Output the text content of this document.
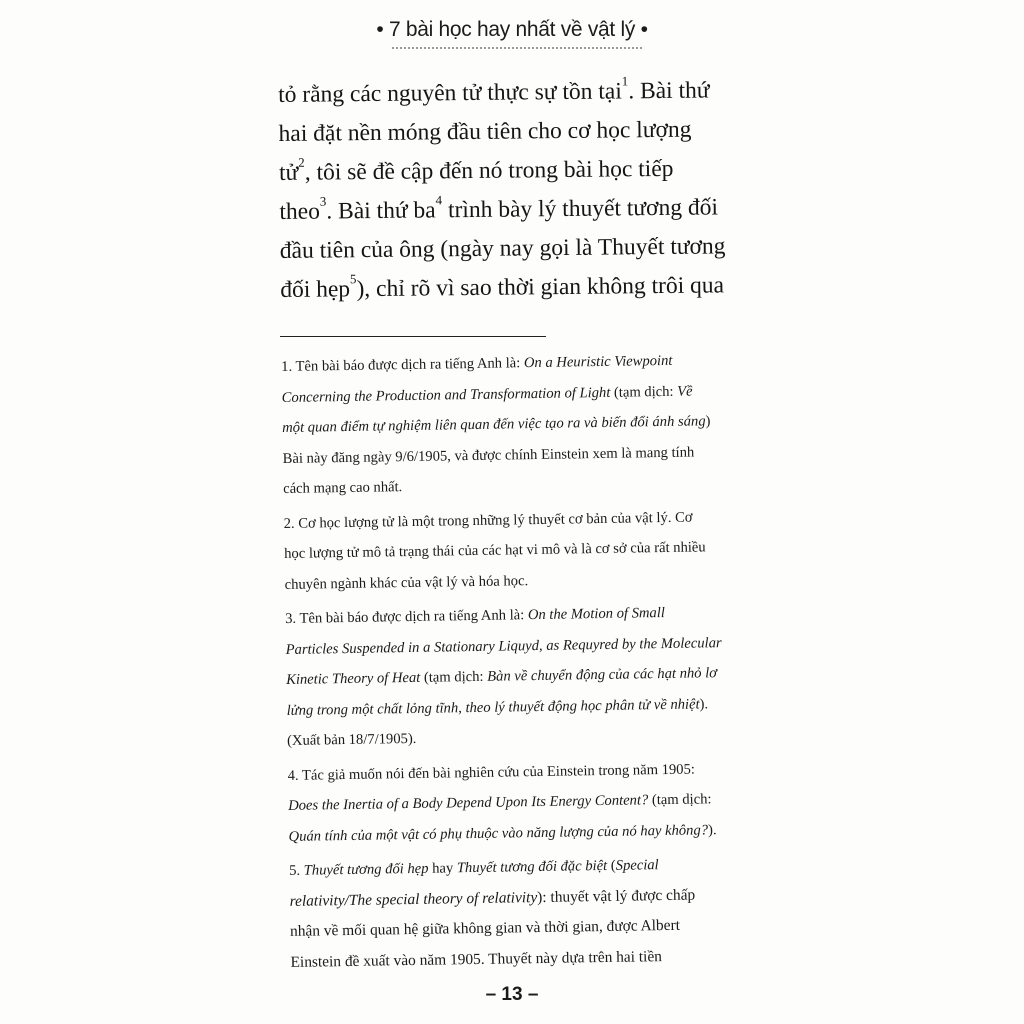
• 7 bài học hay nhất về vật lý •
tỏ rằng các nguyên tử thực sự tồn tại$^1$. Bài thứ
hai đặt nền móng đầu tiên cho cơ học lượng
tử$^2$, tôi sẽ đề cập đến nó trong bài học tiếp
theo$^3$. Bài thứ $ba^4$ trình bày lý thuyết tương đối
đầu tiên của ông (ngày nay gọi là Thuyết tương
đối hẹp$^5$), chỉ rõ vì sao thời gian không trôi qua
1. Tên bài báo được dịch ra tiếng Anh là: On a Heuristic Viewpoint
Concerning the Production and Transformation of Light (tạm dịch: Về
một quan điểm tự nghiệm liên quan đến việc tạo ra và biến đổi ánh sáng)
Bài này đăng ngày 9/6/1905, và được chính Einstein xem là mang tính
cách mạng cao nhất.
2. Cơ học lượng tử là một trong những lý thuyết cơ bản của vật lý. Cơ
học lượng tử mô tả trạng thái của các hạt vi mô và là cơ sở của rất nhiều
chuyên ngành khác của vật lý và hóa học.
3. Tên bài báo được dịch ra tiếng Anh là: On the Motion of Small
Particles Suspended in a Stationary Liquyd, as Requyred by the Molecular
Kinetic Theory of Heat (tạm dịch: Bàn về chuyển động của các hạt nhỏ lơ
lửng trong một chất lỏng tĩnh, theo lý thuyết động học phân tử về nhiệt).
(Xuất bản 18/7/1905).
4. Tác giả muốn nói đến bài nghiên cứu của Einstein trong năm 1905:
Does the Inertia of a Body Depend Upon Its Energy Content? (tạm dịch:
Quán tính của một vật có phụ thuộc vào năng lượng của nó hay không?).
5. Thuyết tương đối hẹp hay Thuyết tương đối đặc biệt (Special
relativity/The special theory of relativity): thuyết vật lý được chấp
nhận về mối quan hệ giữa không gian và thời gian, được Albert
Einstein đề xuất vào năm 1905. Thuyết này dựa trên hai tiền
– 13 –
